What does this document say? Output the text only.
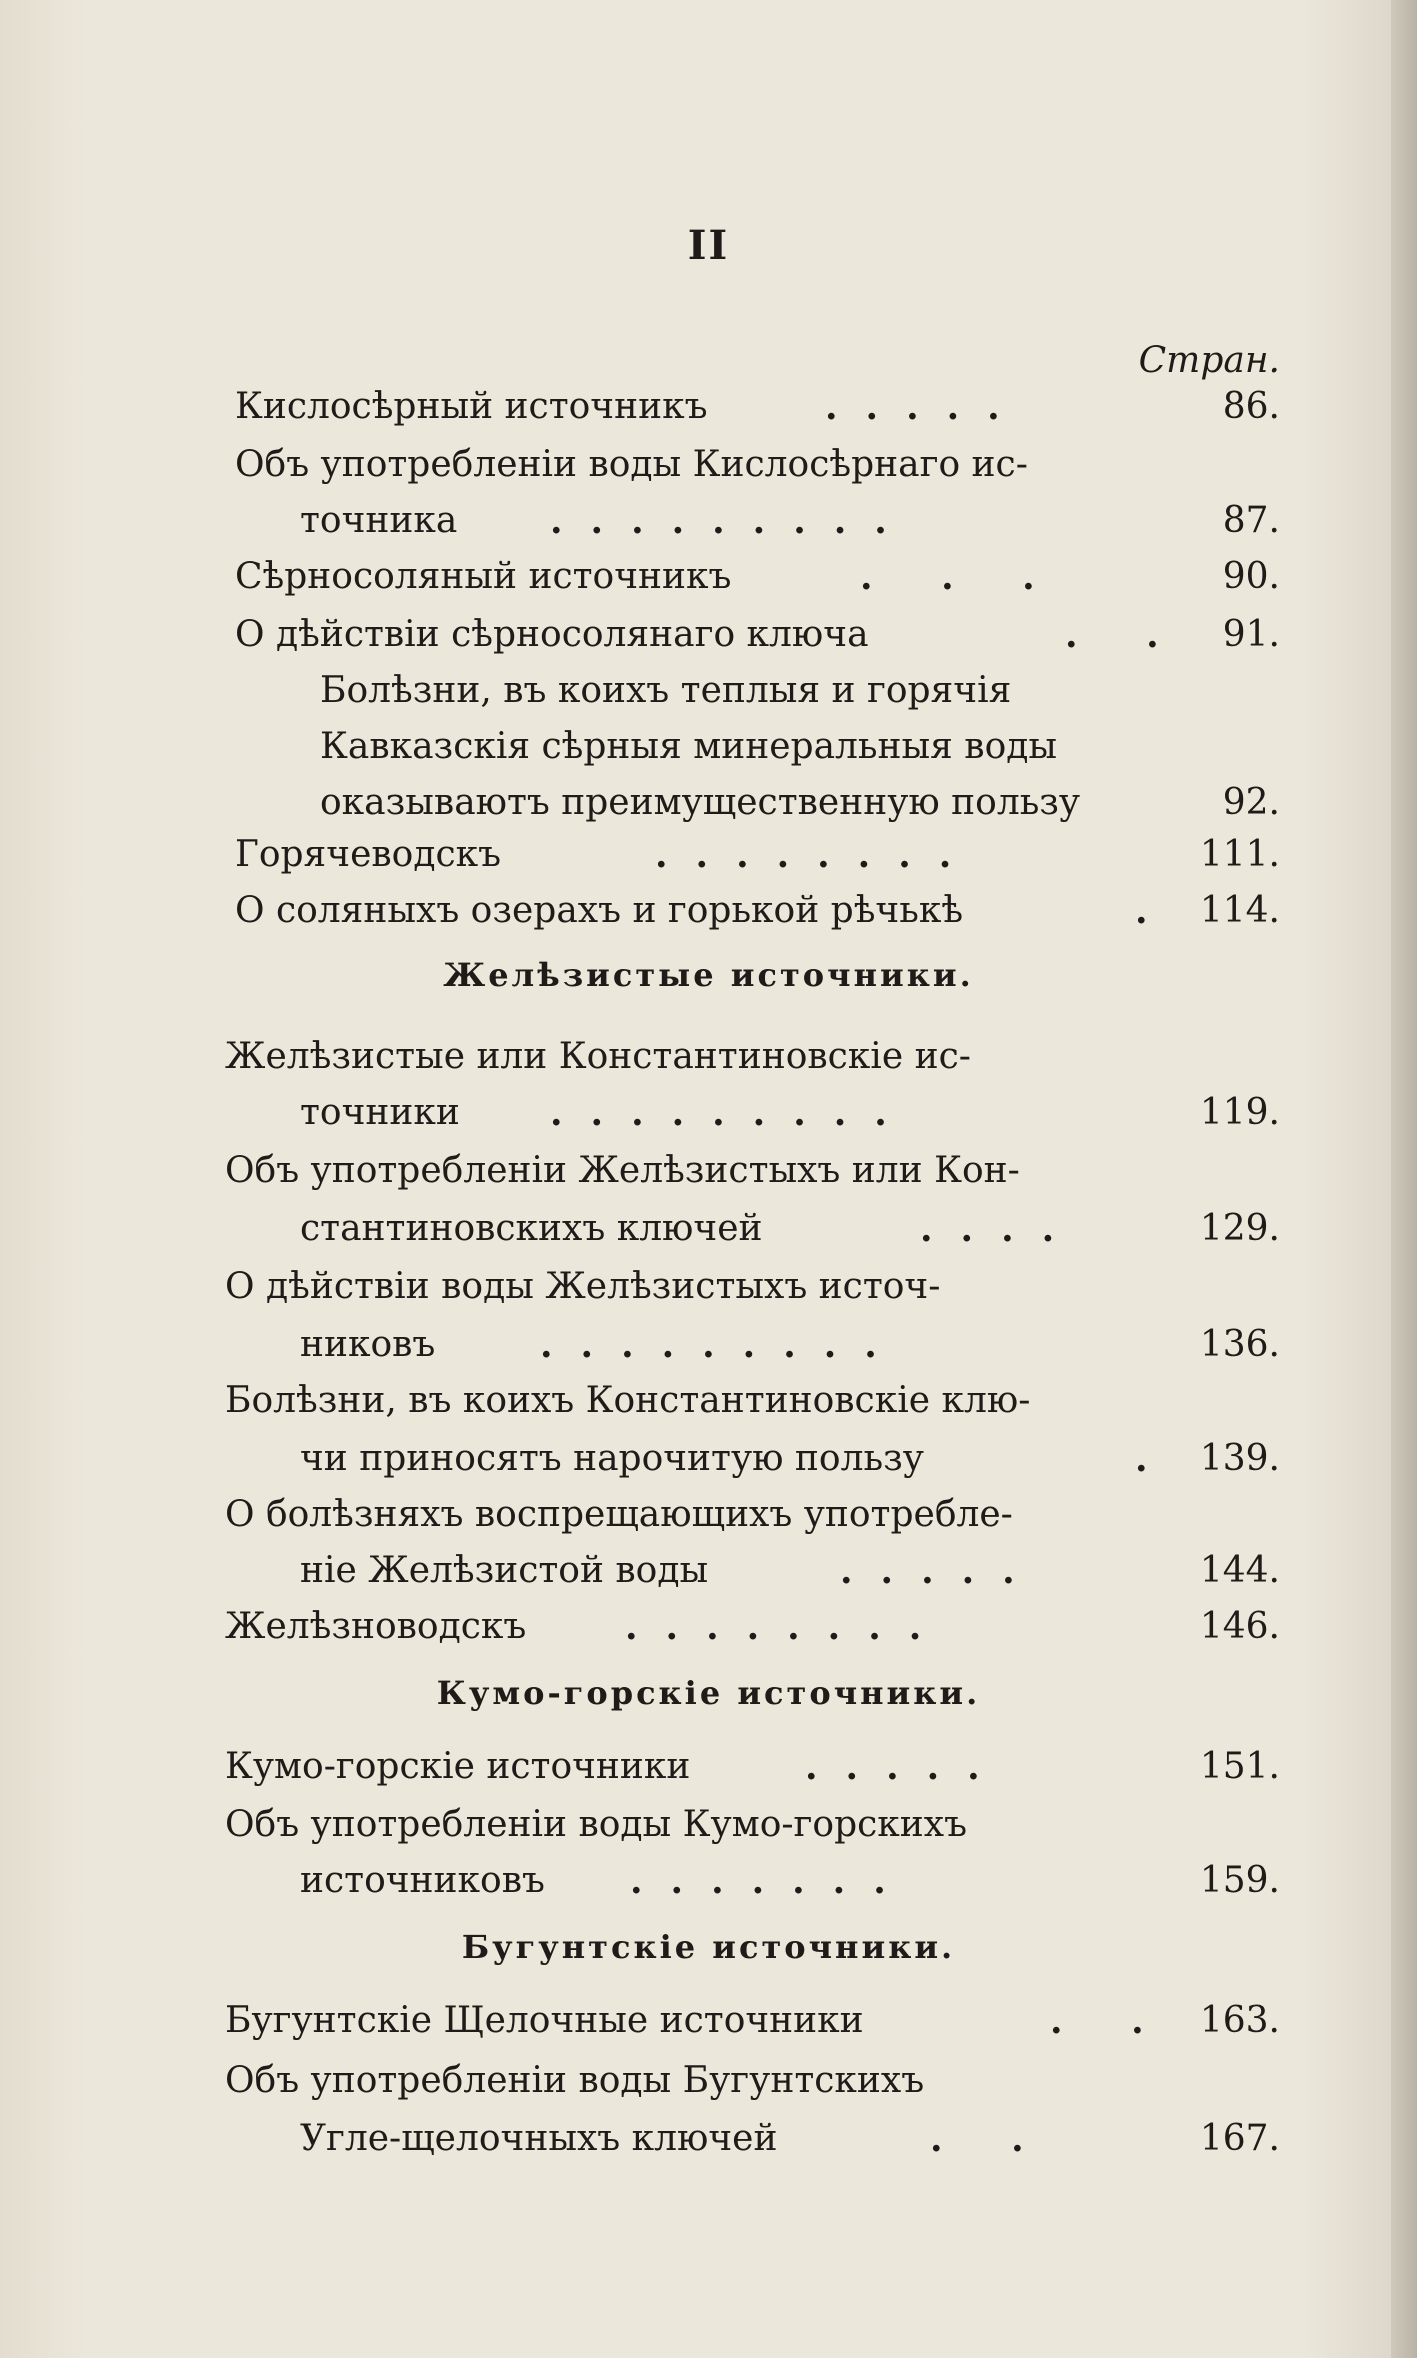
II
Стран.
Кислосѣрный источникъ	.....	86.
Объ употребленіи воды Кислосѣрнаго ис-
точника	.........	87.
Сѣрносоляный источникъ	. . .	90.
О дѣйствіи сѣрносолянаго ключа	. . 91.
Болѣзни, въ коихъ теплыя и горячія
Кавказскія сѣрныя минеральныя воды
оказываютъ преимущественную пользу	92.
Горячеводскъ	........	111.
О соляныхъ озерахъ и горькой рѣчькѣ	. 114.
Желѣзистые источники.
Желѣзистые или Константиновскіе ис-
точники	.........	119.
Объ употребленіи Желѣзистыхъ или Кон-
стантиновскихъ ключей	....	129.
О дѣйствіи воды Желѣзистыхъ источ-
никовъ	.........	136.
Болѣзни, въ коихъ Константиновскіе клю-
чи приносятъ нарочитую пользу	. 139.
О болѣзняхъ воспрещающихъ употребле-
ніе Желѣзистой воды	.....	144.
Желѣзноводскъ	........	146.
Кумо-горскіе источники.
Кумо-горскіе источники	.....	151.
Объ употребленіи воды Кумо-горскихъ
источниковъ .......	159.
Бугунтскіе источники.
Бугунтскіе Щелочные источники	. . 163.
Объ употребленіи воды Бугунтскихъ
Угле-щелочныхъ ключей	. .	167.
